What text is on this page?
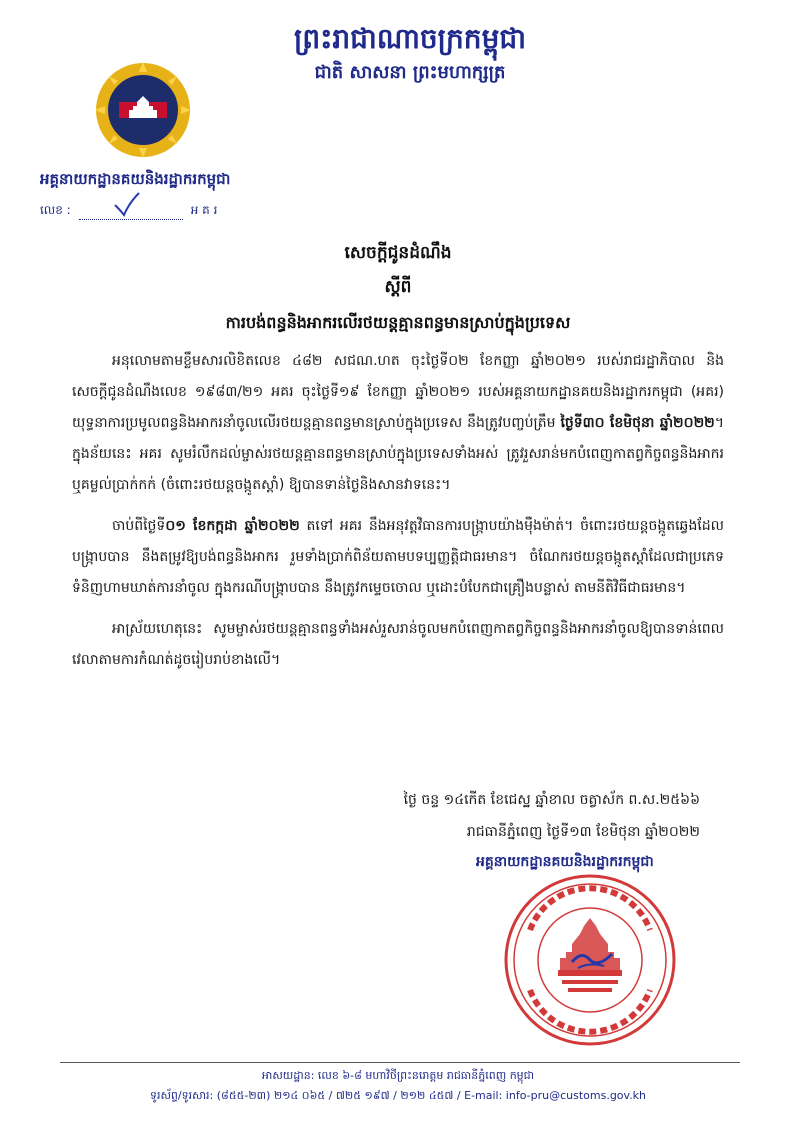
ព្រះរាជាណាចក្រកម្ពុជា
ជាតិ សាសនា ព្រះមហាក្សត្រ
អគ្គនាយកដ្ឋានគយនិងរដ្ឋាករកម្ពុជា
លេខ :	អ គ រ
សេចក្តីជូនដំណឹង
ស្តីពី
ការបង់ពន្ធនិងអាករលើរថយន្តគ្មានពន្ធមានស្រាប់ក្នុងប្រទេស

អនុលោមតាមខ្លឹមសារលិខិតលេខ ៤៨២ សជណ.ហត ចុះថ្ងៃទី០២ ខែកញ្ញា ឆ្នាំ២០២១ របស់រាជរដ្ឋាភិបាល និងសេចក្តីជូនដំណឹងលេខ ១៩៨៣/២១ អគរ ចុះថ្ងៃទី១៩ ខែកញ្ញា ឆ្នាំ២០២១ របស់អគ្គនាយកដ្ឋានគយនិងរដ្ឋាករកម្ពុជា (អគរ) យុទ្ធនាការប្រមូលពន្ធនិងអាករនាំចូលលើរថយន្តគ្មានពន្ធមានស្រាប់ក្នុងប្រទេស នឹងត្រូវបញ្ចប់ត្រឹម ថ្ងៃទី៣០ ខែមិថុនា ឆ្នាំ២០២២។ ក្នុងន័យនេះ អគរ សូមរំលឹកដល់ម្ចាស់រថយន្តគ្មានពន្ធមានស្រាប់ក្នុងប្រទេសទាំងអស់ ត្រូវរួសរាន់មកបំពេញកាតព្វកិច្ចពន្ធនិងអាករ ឬគម្លល់ប្រាក់កក់ (ចំពោះរថយន្តចង្កូតស្តាំ) ឱ្យបានទាន់ថ្ងៃនិងសានវាទនេះ។

ចាប់ពីថ្ងៃទី០១ ខែកក្កដា ឆ្នាំ២០២២ តទៅ អគរ នឹងអនុវត្តវិធានការបង្ក្រាបយ៉ាងម៉ឺងម៉ាត់។ ចំពោះរថយន្តចង្កូតឆ្វេងដែលបង្ក្រាបបាន នឹងតម្រូវឱ្យបង់ពន្ធនិងអាករ រួមទាំងប្រាក់ពិន័យតាមបទប្បញ្ញត្តិជាធរមាន។ ចំណែករថយន្តចង្កូតស្តាំដែលជាប្រភេទទំនិញហាមឃាត់ការនាំចូល ក្នុងករណីបង្ក្រាបបាន នឹងត្រូវកម្ទេចចោល ឬដោះបំបែកជាគ្រឿងបន្លាស់ តាមនីតិវិធីជាធរមាន។

អាស្រ័យហេតុនេះ សូមម្ចាស់រថយន្តគ្មានពន្ធទាំងអស់រួសរាន់ចូលមកបំពេញកាតព្វកិច្ចពន្ធនិងអាករនាំចូលឱ្យបានទាន់ពេលវេលាតាមការកំណត់ដូចរៀបរាប់ខាងលើ។

ថ្ងៃ ចន្ទ ១៤កើត ខែជេស្ឋ ឆ្នាំខាល ចត្វាស័ក ព.ស.២៥៦៦
រាជធានីភ្នំពេញ ថ្ងៃទី១៣ ខែមិថុនា ឆ្នាំ២០២២
អគ្គនាយកដ្ឋានគយនិងរដ្ឋាករកម្ពុជា
អាសយដ្ឋាន: លេខ ៦-៨ មហាវិថីព្រះនរោត្តម រាជធានីភ្នំពេញ កម្ពុជា
ទូរស័ព្ទ/ទូរសារ: (៨៥៥-២៣) ២១៤ ០៦៥ / ៧២៥ ១៩៧ / ២១២ ៤៥៧ / E-mail: info-pru@customs.gov.kh
